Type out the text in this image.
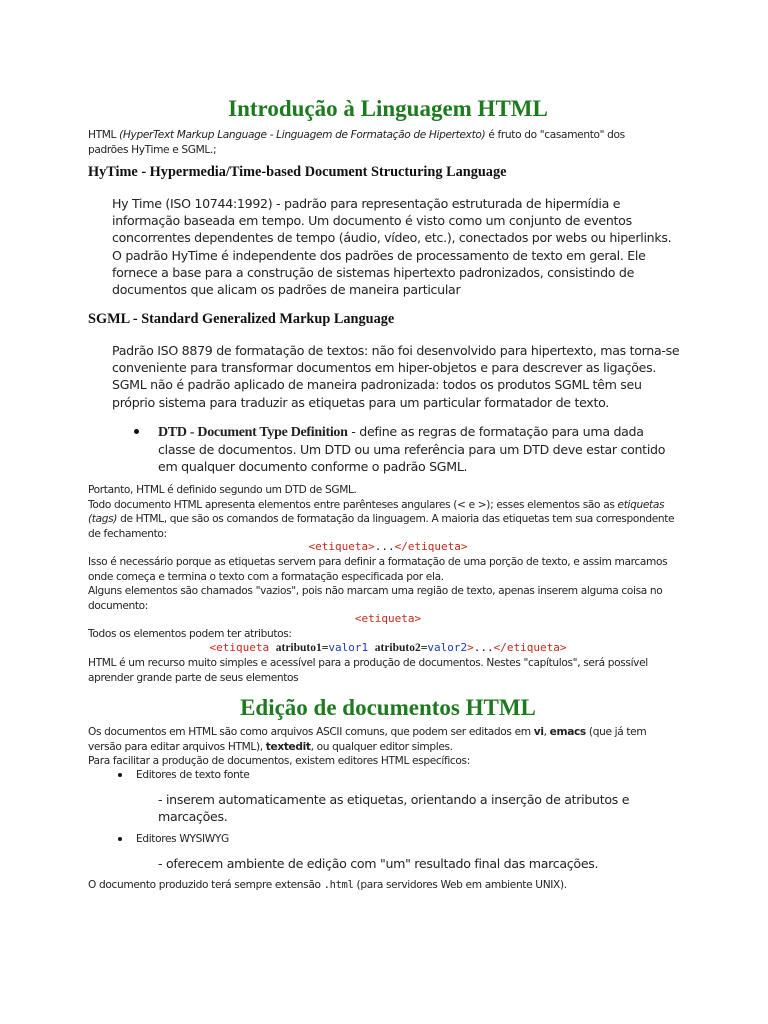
Introdução à Linguagem HTML
HTML (HyperText Markup Language - Linguagem de Formatação de Hipertexto) é fruto do "casamento" dos
padrões HyTime e SGML.;
HyTime - Hypermedia/Time-based Document Structuring Language
Hy Time (ISO 10744:1992) - padrão para representação estruturada de hipermídia e
informação baseada em tempo. Um documento é visto como um conjunto de eventos
concorrentes dependentes de tempo (áudio, vídeo, etc.), conectados por webs ou hiperlinks.
O padrão HyTime é independente dos padrões de processamento de texto em geral. Ele
fornece a base para a construção de sistemas hipertexto padronizados, consistindo de
documentos que alicam os padrões de maneira particular
SGML - Standard Generalized Markup Language
Padrão ISO 8879 de formatação de textos: não foi desenvolvido para hipertexto, mas torna-se
conveniente para transformar documentos em hiper-objetos e para descrever as ligações.
SGML não é padrão aplicado de maneira padronizada: todos os produtos SGML têm seu
próprio sistema para traduzir as etiquetas para um particular formatador de texto.
DTD - Document Type Definition - define as regras de formatação para uma dada
classe de documentos. Um DTD ou uma referência para um DTD deve estar contido
em qualquer documento conforme o padrão SGML.
Portanto, HTML é definido segundo um DTD de SGML.
Todo documento HTML apresenta elementos entre parênteses angulares (< e >); esses elementos são as etiquetas
(tags) de HTML, que são os comandos de formatação da linguagem. A maioria das etiquetas tem sua correspondente
de fechamento:
<etiqueta>...</etiqueta>
Isso é necessário porque as etiquetas servem para definir a formatação de uma porção de texto, e assim marcamos
onde começa e termina o texto com a formatação especificada por ela.
Alguns elementos são chamados "vazios", pois não marcam uma região de texto, apenas inserem alguma coisa no
documento:
<etiqueta>
Todos os elementos podem ter atributos:
<etiqueta atributo1=valor1 atributo2=valor2>...</etiqueta>
HTML é um recurso muito simples e acessível para a produção de documentos. Nestes "capítulos", será possível
aprender grande parte de seus elementos
Edição de documentos HTML
Os documentos em HTML são como arquivos ASCII comuns, que podem ser editados em vi, emacs (que já tem
versão para editar arquivos HTML), textedit, ou qualquer editor simples.
Para facilitar a produção de documentos, existem editores HTML específicos:
Editores de texto fonte
- inserem automaticamente as etiquetas, orientando a inserção de atributos e
marcações.
Editores WYSIWYG
- oferecem ambiente de edição com "um" resultado final das marcações.
O documento produzido terá sempre extensão .html (para servidores Web em ambiente UNIX).
